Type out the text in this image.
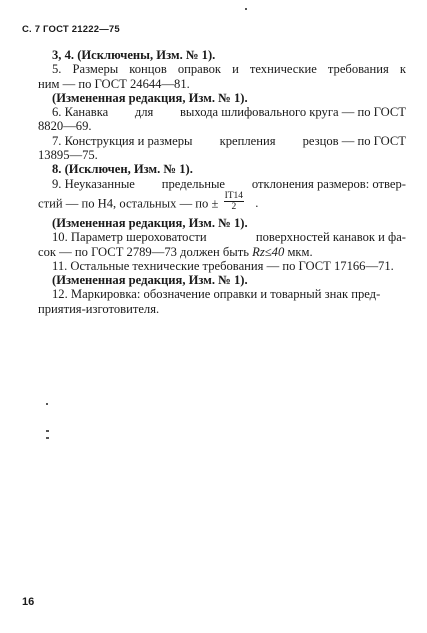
С. 7 ГОСТ 21222—75
3, 4. (Исключены, Изм. № 1).
5. Размеры концов оправок и технические требования к
ним — по ГОСТ 24644—81.
(Измененная редакция, Изм. № 1).
6. Канавка для выхода шлифовального круга — по ГОСТ
8820—69.
7. Конструкция и размеры крепления резцов — по ГОСТ
13895—75.
8. (Исключен, Изм. № 1).
9. Неуказанные предельные отклонения размеров: отвер-
стий — по Н4, остальных — по ± $\frac{IT14}{2}$ .
(Измененная редакция, Изм. № 1).
10. Параметр шероховатости	поверхностей канавок и фа-
сок — по ГОСТ 2789—73 должен быть Rz≤40 мкм.
11. Остальные технические требования — по ГОСТ 17166—71.
(Измененная редакция, Изм. № 1).
12. Маркировка: обозначение оправки и товарный знак пред-
приятия-изготовителя.
16
